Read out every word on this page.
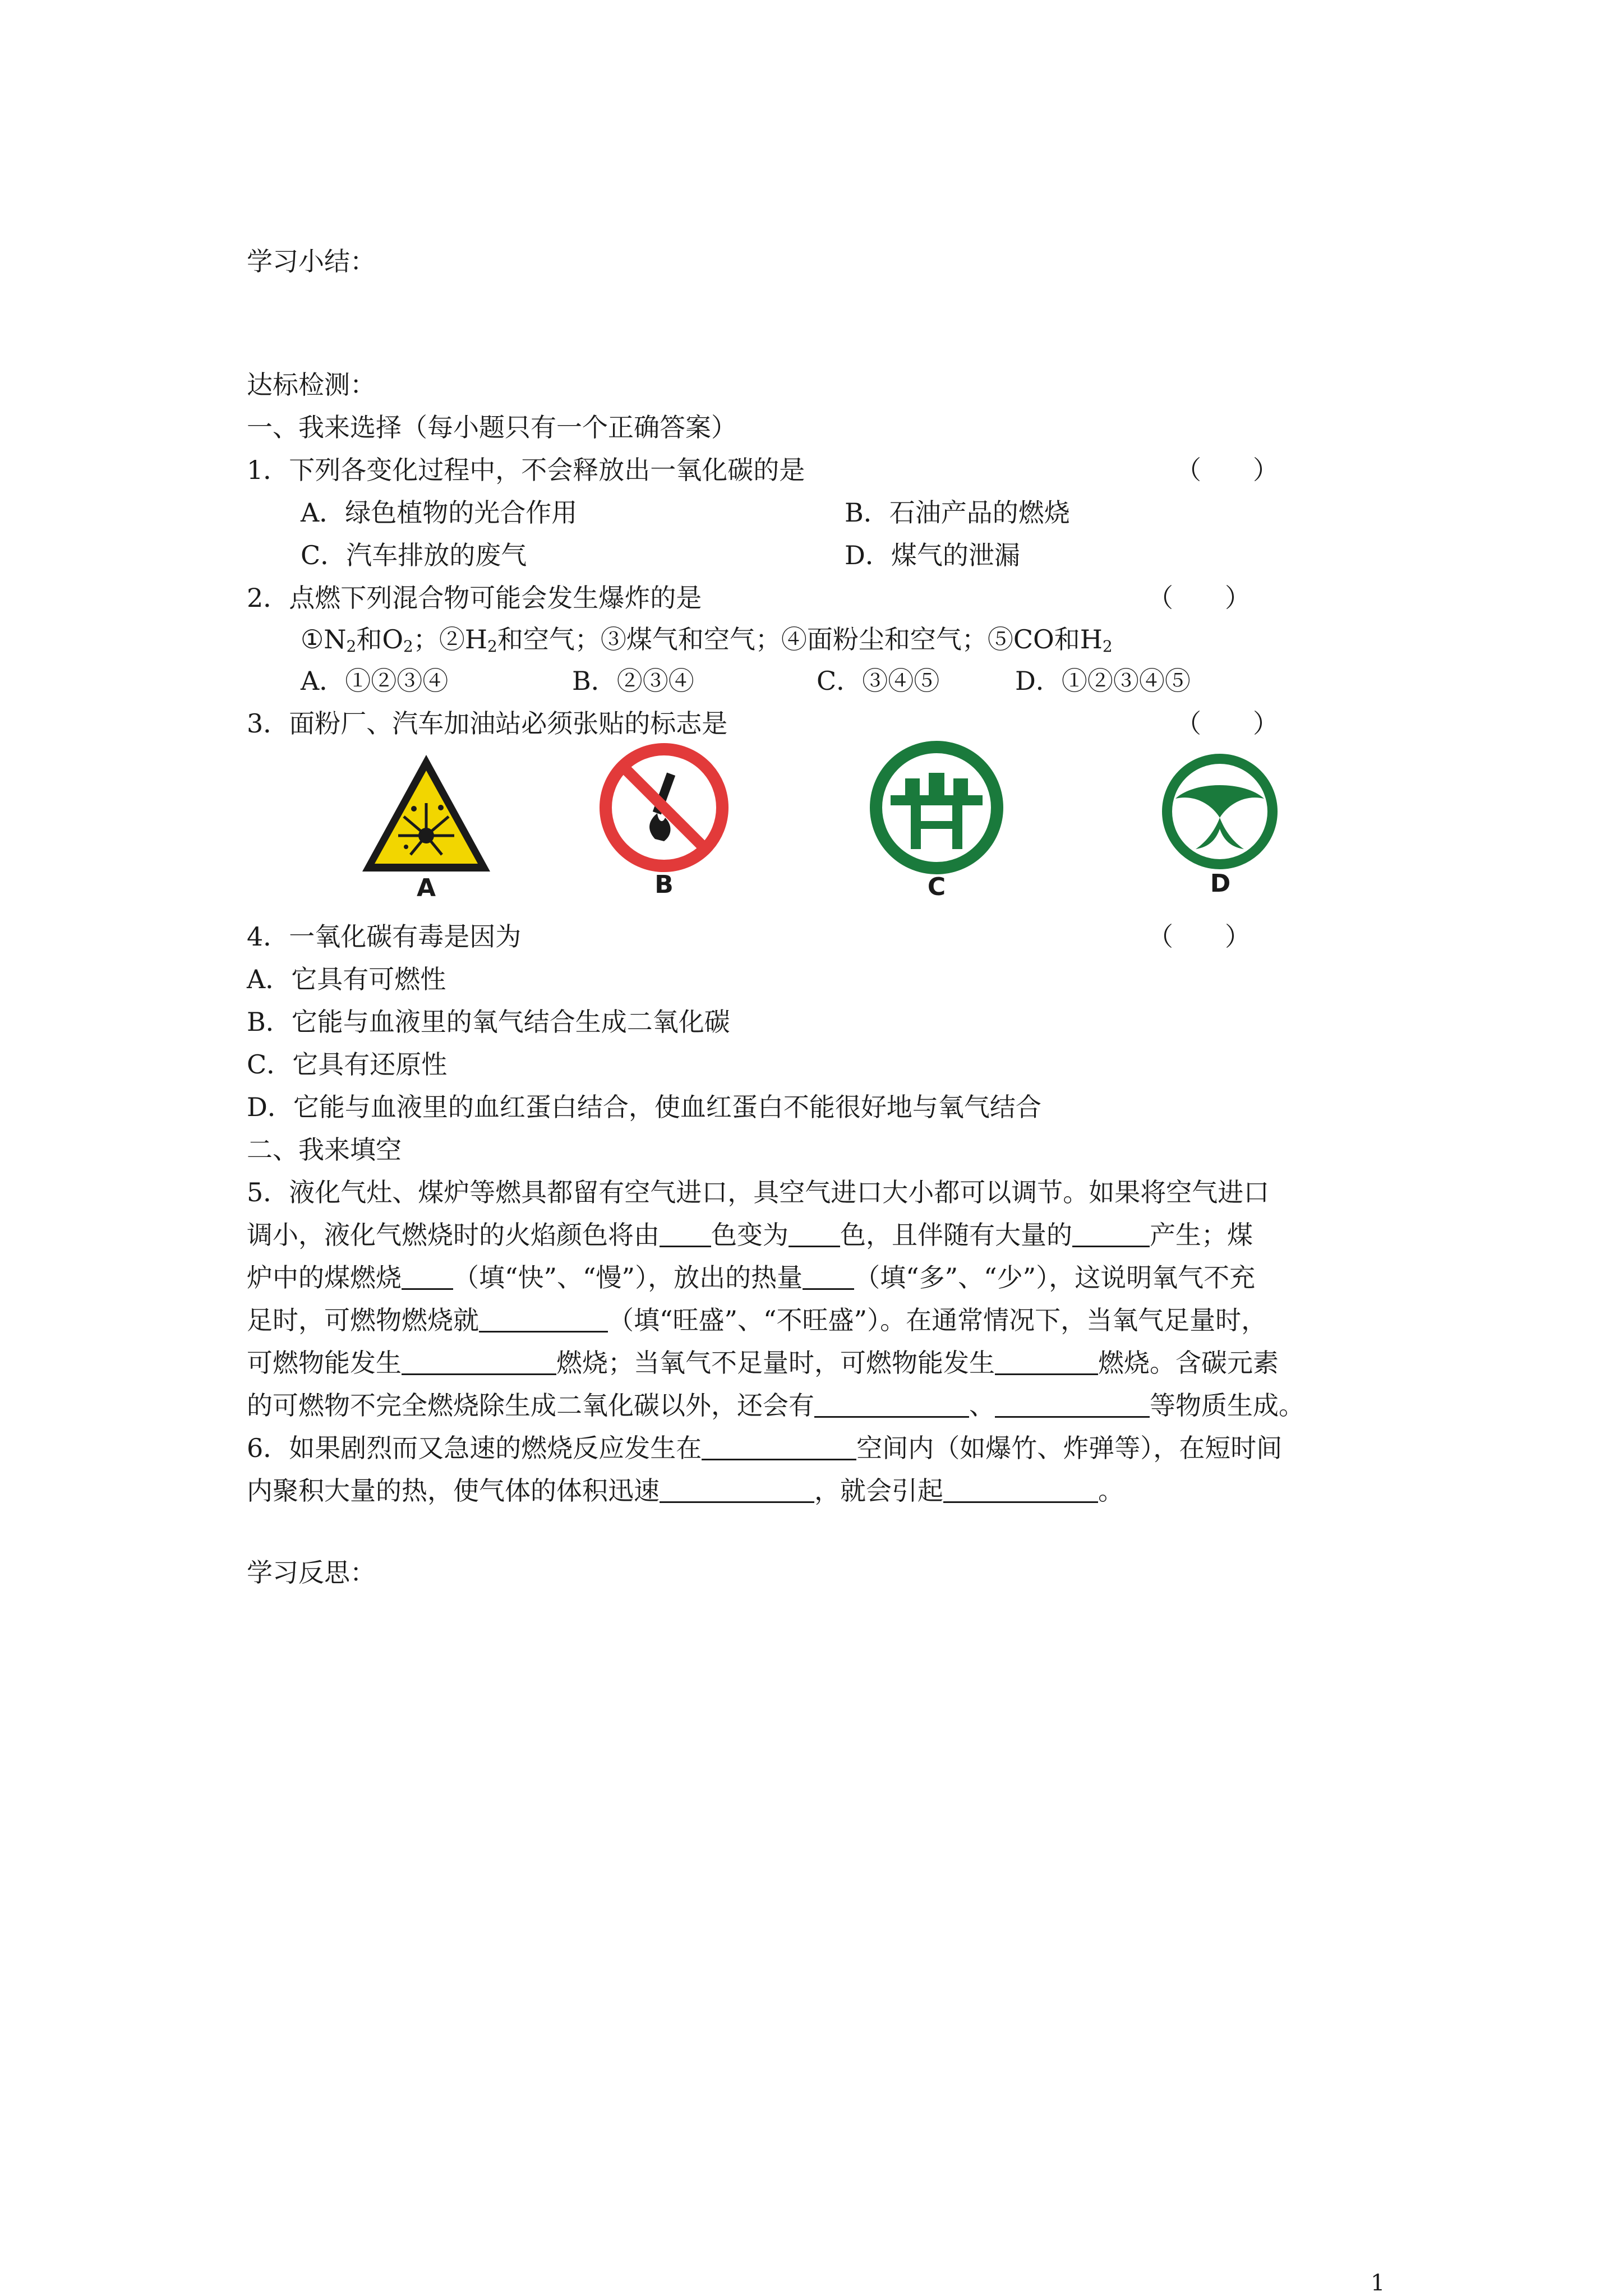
学习小结：
达标检测：
一、我来选择（每小题只有一个正确答案）
1．下列各变化过程中，不会释放出一氧化碳的是	（　　）
A．绿色植物的光合作用	B．石油产品的燃烧
C．汽车排放的废气	D．煤气的泄漏
2．点燃下列混合物可能会发生爆炸的是	（　　）
$①N_2$和$O_2$；$②H_2$和空气；③煤气和空气；④面粉尘和空气；⑤CO和$H_2$
A．①②③④	B．②③④	C．③④⑤	D．①②③④⑤
3．面粉厂、汽车加油站必须张贴的标志是	（　　）
A	B	C	D
4．一氧化碳有毒是因为	（　　）
A．它具有可燃性
B．它能与血液里的氧气结合生成二氧化碳
C．它具有还原性
D．它能与血液里的血红蛋白结合，使血红蛋白不能很好地与氧气结合
二、我来填空
5．液化气灶、煤炉等燃具都留有空气进口，具空气进口大小都可以调节。如果将空气进口
调小，液化气燃烧时的火焰颜色将由 色变为 色，且伴随有大量的	产生；煤
炉中的煤燃烧 （填“快”、“慢”），放出的热量 （填“多”、“少”），这说明氧气不充
足时，可燃物燃烧就	（填“旺盛”、“不旺盛”）。在通常情况下，当氧气足量时，
可燃物能发生	燃烧；当氧气不足量时，可燃物能发生	燃烧。含碳元素
的可燃物不完全燃烧除生成二氧化碳以外，还会有	、	等物质生成。
6．如果剧烈而又急速的燃烧反应发生在	空间内（如爆竹、炸弹等），在短时间
内聚积大量的热，使气体的体积迅速	，就会引起	。
学习反思：
1
